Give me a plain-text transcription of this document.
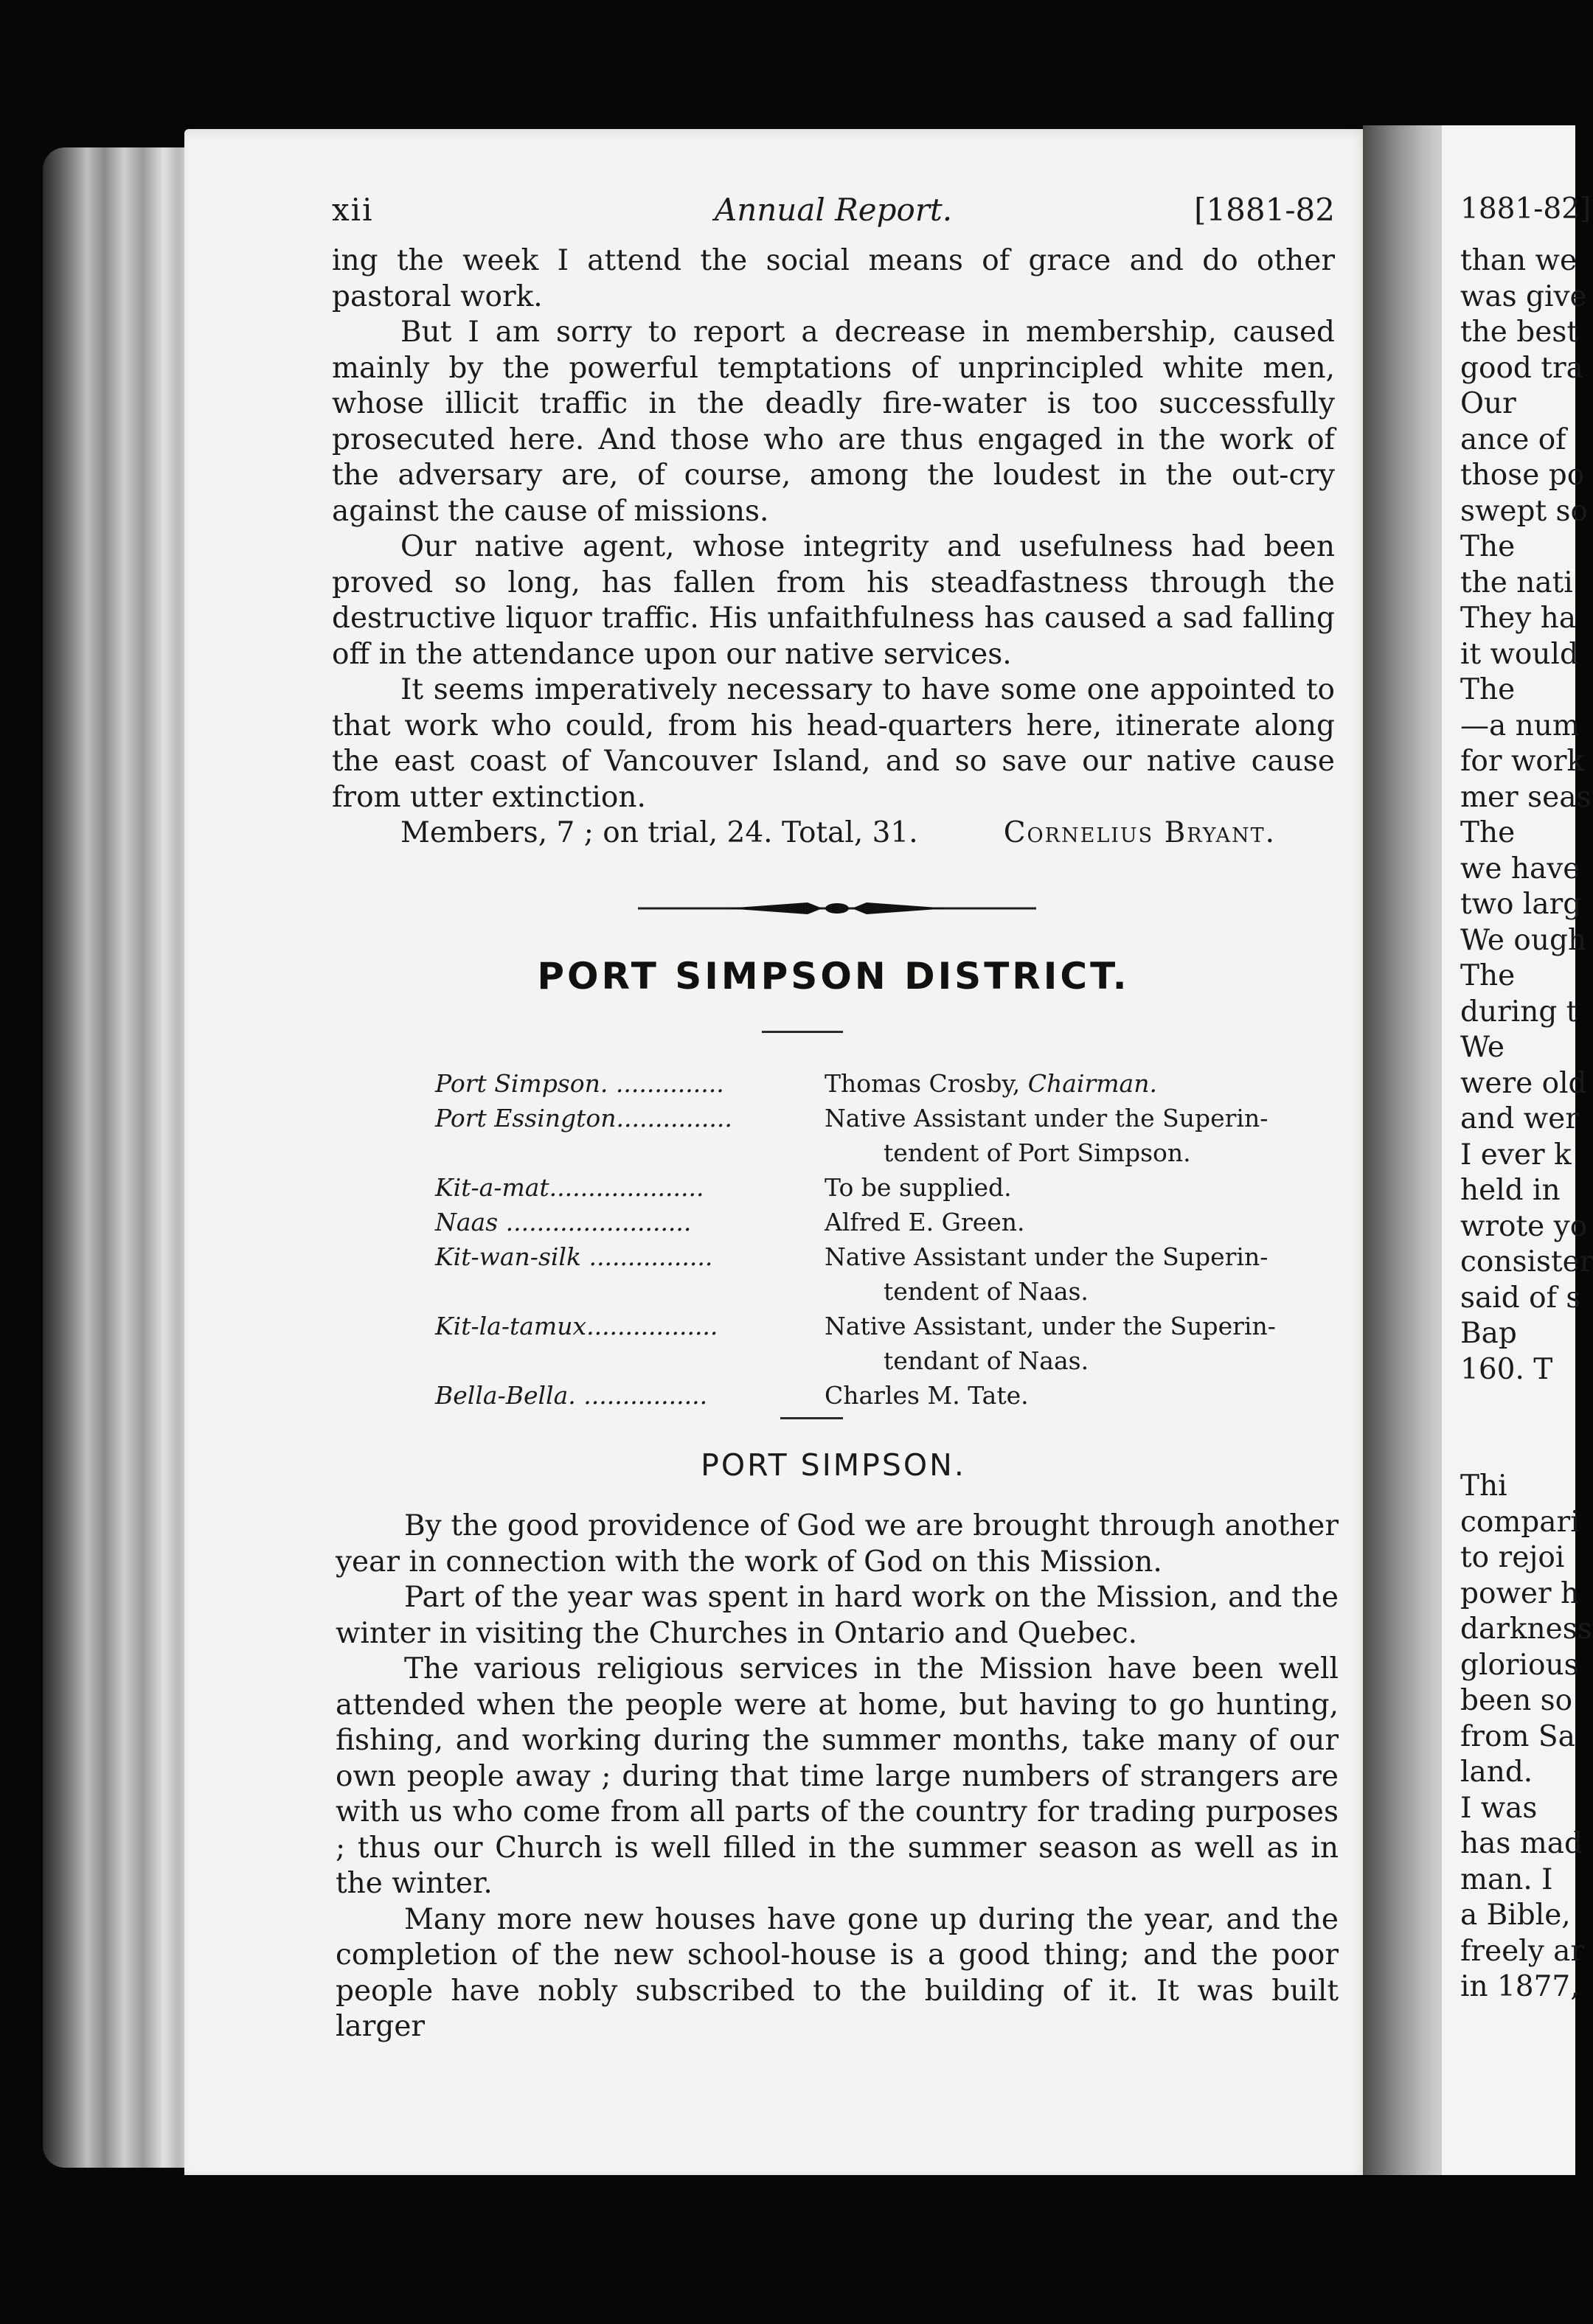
xii	Annual Report.	[1881-82

ing the week I attend the social means of grace and do other pastoral work.

But I am sorry to report a decrease in membership, caused mainly by the powerful temptations of unprincipled white men, whose illicit traffic in the deadly fire-water is too successfully prosecuted here. And those who are thus engaged in the work of the adversary are, of course, among the loudest in the out-cry against the cause of missions.

Our native agent, whose integrity and usefulness had been proved so long, has fallen from his steadfastness through the destructive liquor traffic. His unfaithfulness has caused a sad falling off in the attendance upon our native services.

It seems imperatively necessary to have some one appointed to that work who could, from his head-quarters here, itinerate along the east coast of Vancouver Island, and so save our native cause from utter extinction.

Members, 7 ; on trial, 24. Total, 31.	Cornelius Bryant.
PORT SIMPSON DISTRICT.
Port Simpson. ..............	Thomas Crosby, Chairman.
Port Essington...............	Native Assistant under the Superin-
tendent of Port Simpson.
Kit-a-mat....................	To be supplied.
Naas ........................	Alfred E. Green.
Kit-wan-silk ................	Native Assistant under the Superin-
tendent of Naas.
Kit-la-tamux.................	Native Assistant, under the Superin-
tendant of Naas.
Bella-Bella. ................	Charles M. Tate.
PORT SIMPSON.

By the good providence of God we are brought through another year in connection with the work of God on this Mission.

Part of the year was spent in hard work on the Mission, and the winter in visiting the Churches in Ontario and Quebec.

The various religious services in the Mission have been well attended when the people were at home, but having to go hunting, fishing, and working during the summer months, take many of our own people away ; during that time large numbers of strangers are with us who come from all parts of the country for trading purposes ; thus our Church is well filled in the summer season as well as in the winter.

Many more new houses have gone up during the year, and the completion of the new school-house is a good thing; and the poor people have nobly subscribed to the building of it. It was built larger

1881-82]
than we
was give
the best
good tra
Our
ance of
those po
swept so
The
the nati
They ha
it would
The
—a num
for work
mer seas
The
we have
two larg
We ough
The
during t
We
were old
and wer
I ever k
held in
wrote yo
consister
said of s
Bap
160. T
Thi
compari
to rejoi
power h
darkness
glorious
been so
from Sa
land.
I was
has mad
man. I
a Bible,
freely ar
in 1877,
